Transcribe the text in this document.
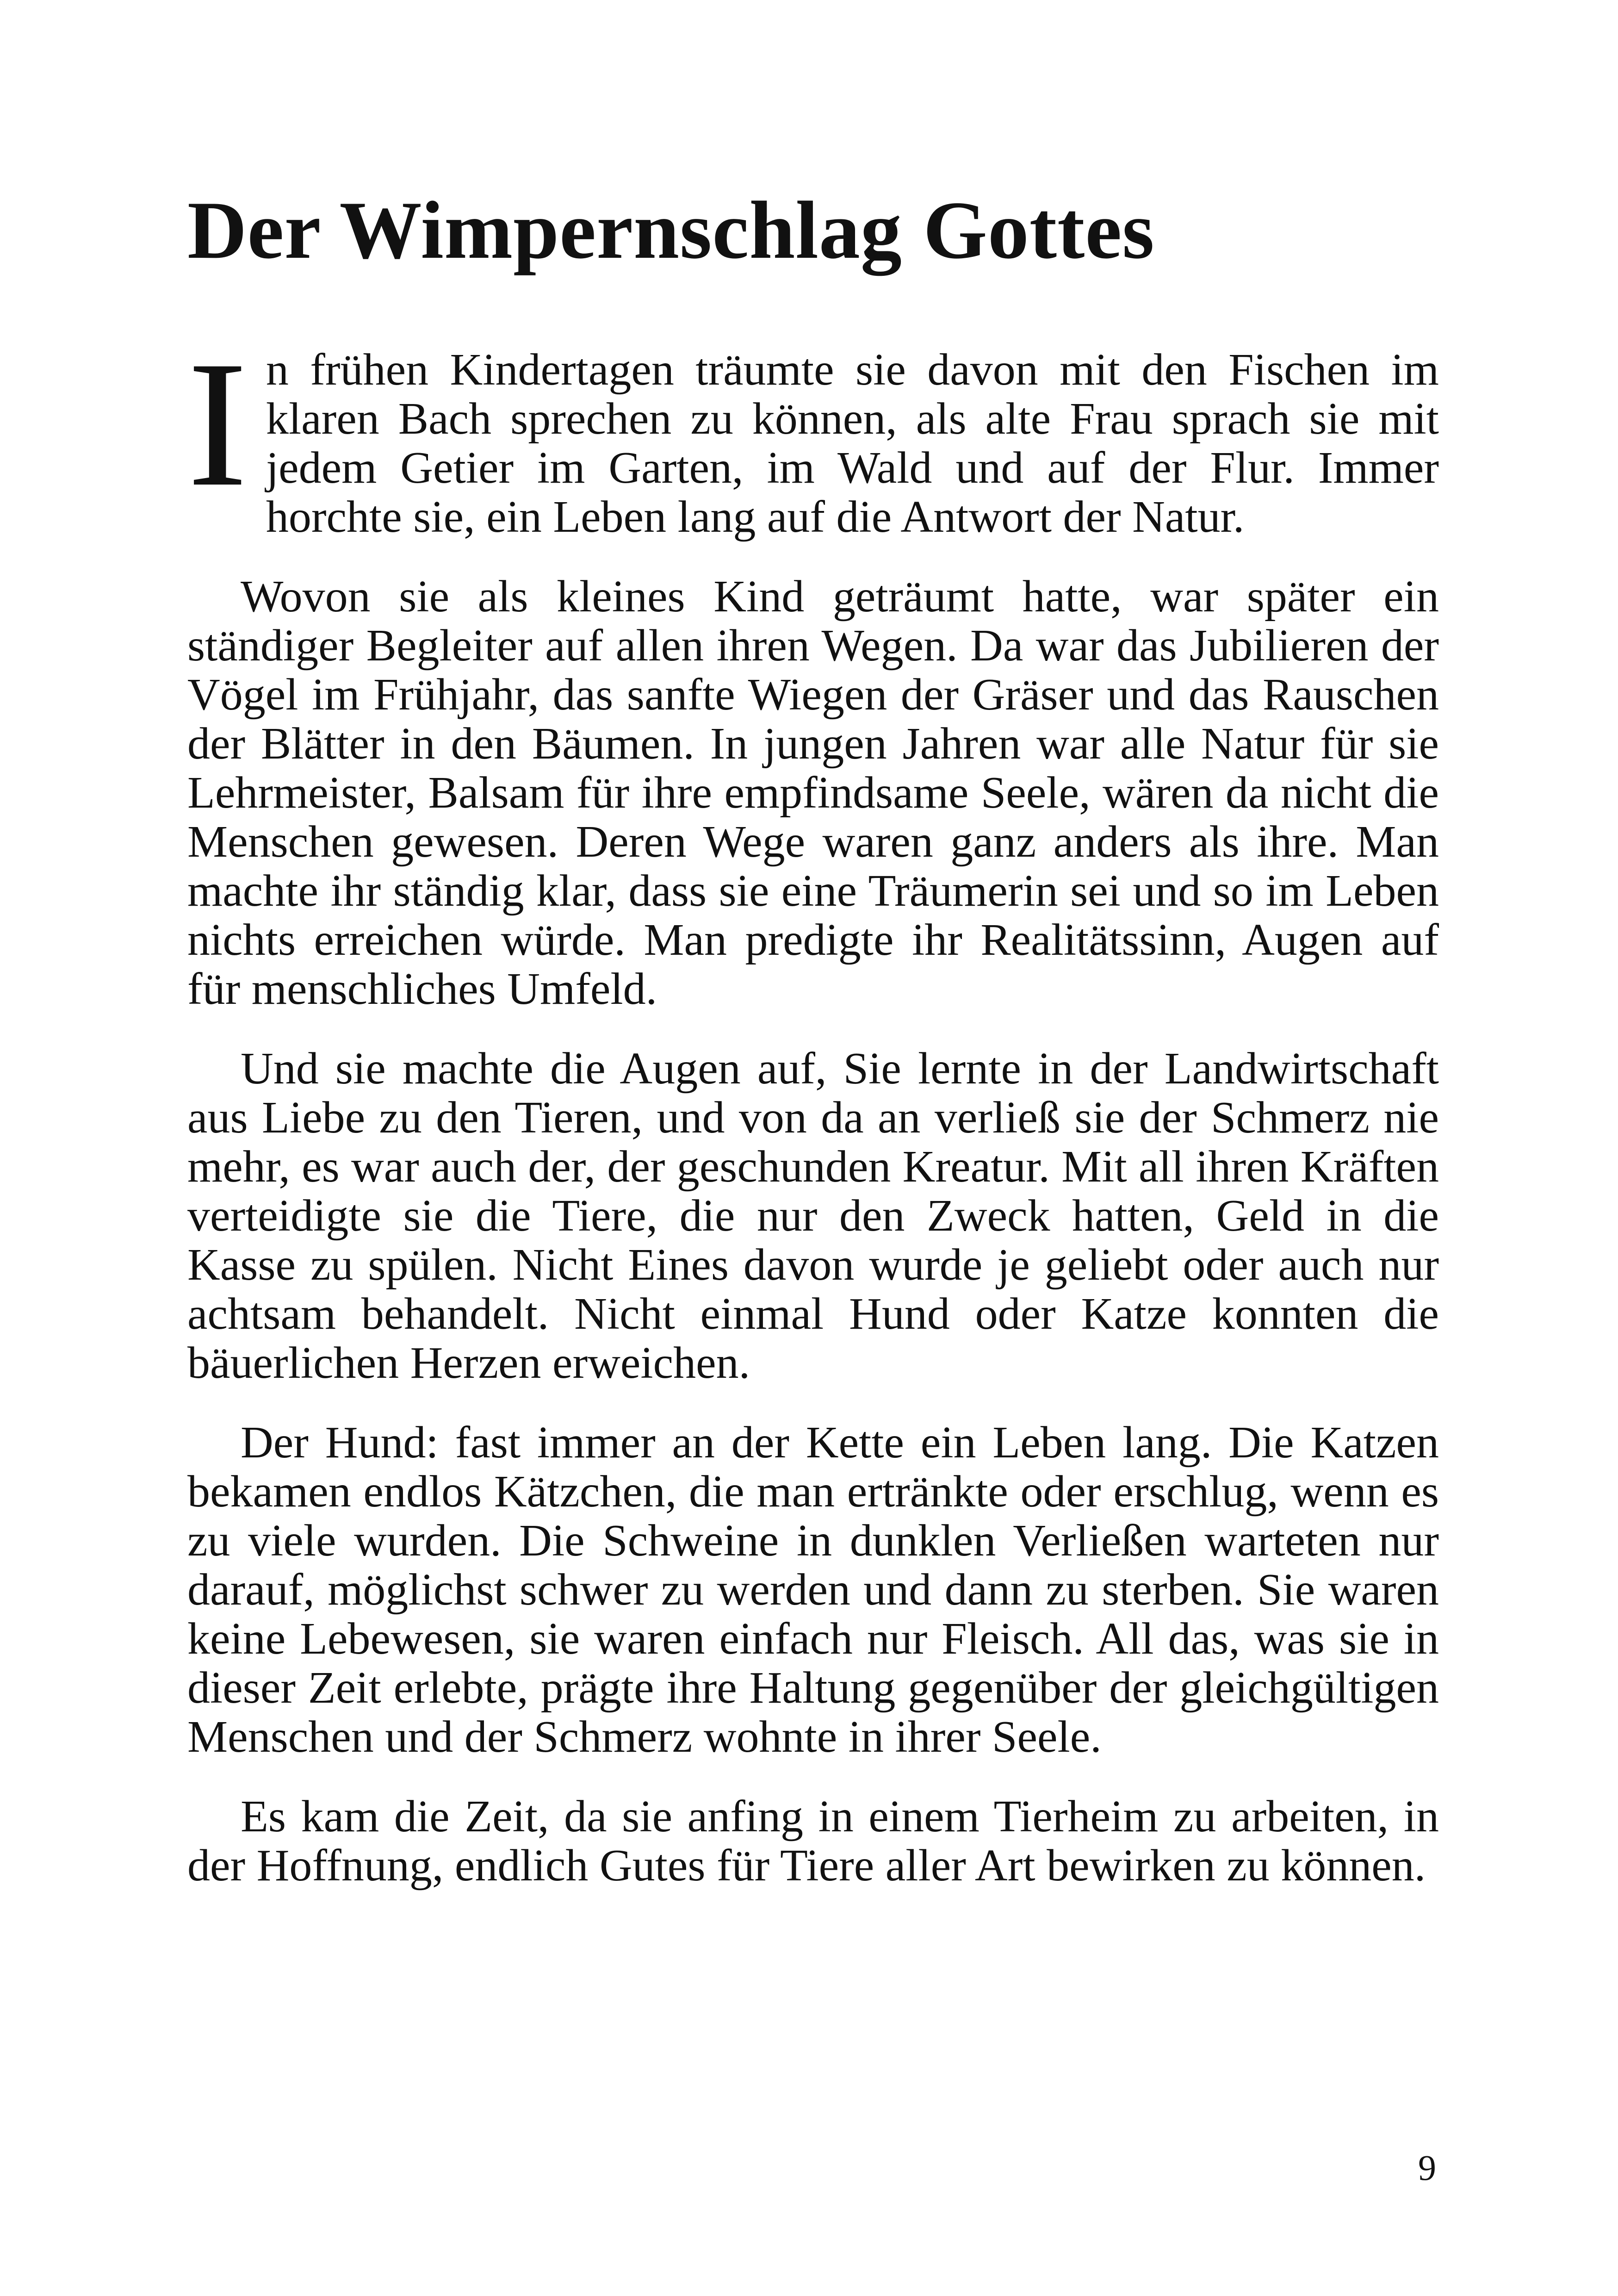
Der Wimpernschlag Gottes

In frühen Kindertagen träumte sie davon mit den Fischen im klaren Bach sprechen zu können, als alte Frau sprach sie mit jedem Getier im Garten, im Wald und auf der Flur. Immer horchte sie, ein Leben lang auf die Antwort der Natur.

Wovon sie als kleines Kind geträumt hatte, war später ein ständiger Begleiter auf allen ihren Wegen. Da war das Jubilieren der Vögel im Frühjahr, das sanfte Wiegen der Gräser und das Rauschen der Blätter in den Bäumen. In jungen Jahren war alle Natur für sie Lehrmeister, Balsam für ihre empfindsame Seele, wären da nicht die Menschen gewesen. Deren Wege waren ganz anders als ihre. Man machte ihr ständig klar, dass sie eine Träumerin sei und so im Leben nichts erreichen würde. Man predigte ihr Realitätssinn, Augen auf für menschliches Umfeld.

Und sie machte die Augen auf, Sie lernte in der Landwirtschaft aus Liebe zu den Tieren, und von da an verließ sie der Schmerz nie mehr, es war auch der, der geschunden Kreatur. Mit all ihren Kräften verteidigte sie die Tiere, die nur den Zweck hatten, Geld in die Kasse zu spülen. Nicht Eines davon wurde je geliebt oder auch nur achtsam behandelt. Nicht einmal Hund oder Katze konnten die bäuerlichen Herzen erweichen.

Der Hund: fast immer an der Kette ein Leben lang. Die Katzen bekamen endlos Kätzchen, die man ertränkte oder erschlug, wenn es zu viele wurden. Die Schweine in dunklen Verließen warteten nur darauf, möglichst schwer zu werden und dann zu sterben. Sie waren keine Lebewesen, sie waren einfach nur Fleisch. All das, was sie in dieser Zeit erlebte, prägte ihre Haltung gegenüber der gleichgültigen Menschen und der Schmerz wohnte in ihrer Seele.

Es kam die Zeit, da sie anfing in einem Tierheim zu arbeiten, in der Hoffnung, endlich Gutes für Tiere aller Art bewirken zu können.

9
